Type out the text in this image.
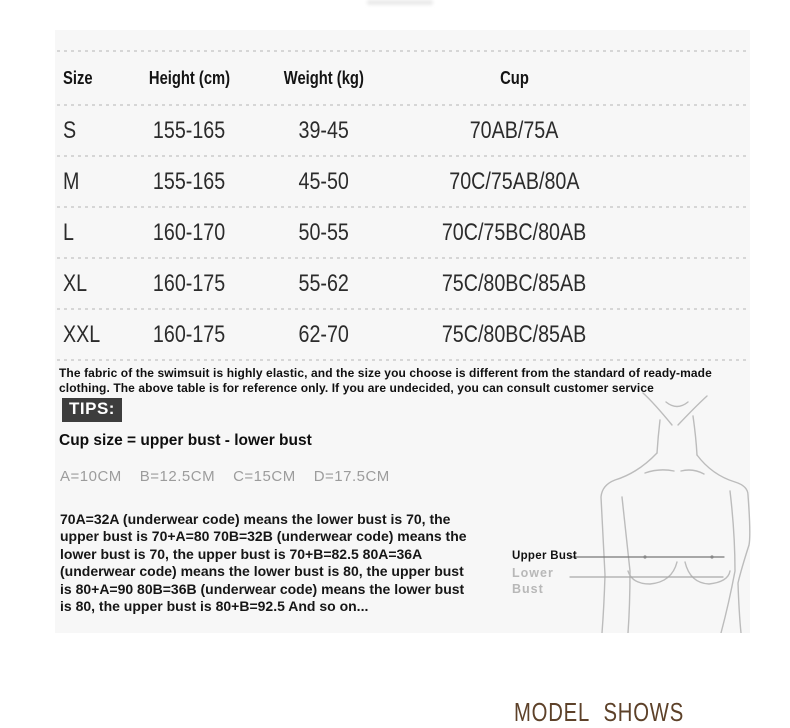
Size	Height (cm)	Weight (kg)	Cup
S	155-165	39-45	70AB/75A
M	155-165	45-50	70C/75AB/80A
L	160-170	50-55	70C/75BC/80AB
XL	160-175	55-62	75C/80BC/85AB
XXL 160-175	62-70	75C/80BC/85AB
The fabric of the swimsuit is highly elastic, and the size you choose is different from the standard of ready-made clothing. The above table is for reference only. If you are undecided, you can consult customer service
TIPS:
Cup size = upper bust - lower bust
A=10CM B=12.5CM C=15CM D=17.5CM
70A=32A (underwear code) means the lower bust is 70, the upper bust is 70+A=80 70B=32B (underwear code) means the lower bust is 70, the upper bust is 70+B=82.5 80A=36A (underwear code) means the lower bust is 80, the upper bust is 80+A=90 80B=36B (underwear code) means the lower bust is 80, the upper bust is 80+B=92.5 And so on...
Upper Bust
Lower
Bust
MODEL SHOWS
